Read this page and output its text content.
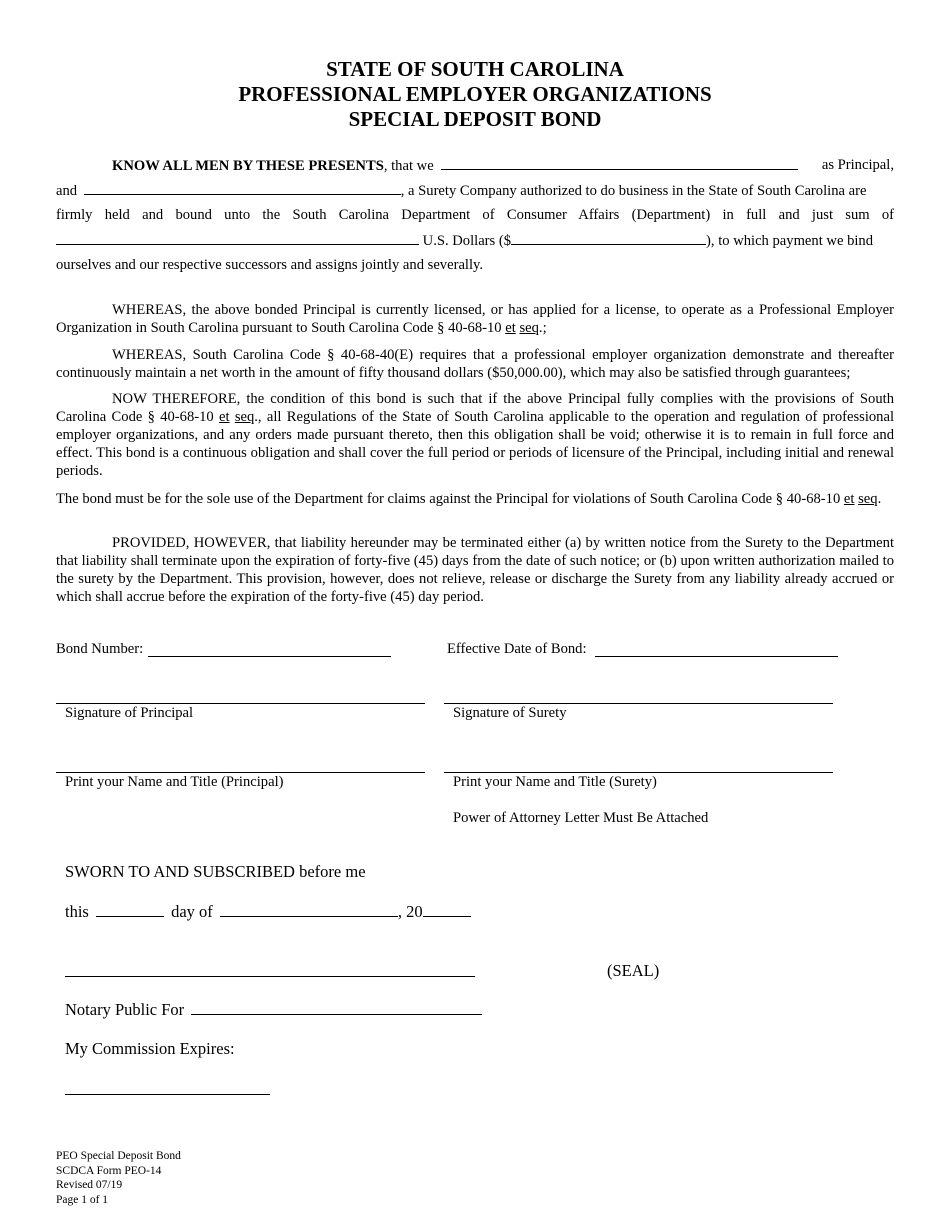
STATE OF SOUTH CAROLINA
PROFESSIONAL EMPLOYER ORGANIZATIONS
SPECIAL DEPOSIT BOND
KNOW ALL MEN BY THESE PRESENTS, that we	as Principal,
and	, a Surety Company authorized to do business in the State of South Carolina are
firmly held and bound unto the South Carolina Department of Consumer Affairs (Department) in full and just sum of
U.S. Dollars ($	), to which payment we bind
ourselves and our respective successors and assigns jointly and severally.
WHEREAS, the above bonded Principal is currently licensed, or has applied for a license, to operate as a Professional Employer Organization in South Carolina pursuant to South Carolina Code § 40-68-10 et seq.;
WHEREAS, South Carolina Code § 40-68-40(E) requires that a professional employer organization demonstrate and thereafter continuously maintain a net worth in the amount of fifty thousand dollars ($50,000.00), which may also be satisfied through guarantees;
NOW THEREFORE, the condition of this bond is such that if the above Principal fully complies with the provisions of South Carolina Code § 40-68-10 et seq., all Regulations of the State of South Carolina applicable to the operation and regulation of professional employer organizations, and any orders made pursuant thereto, then this obligation shall be void; otherwise it is to remain in full force and effect. This bond is a continuous obligation and shall cover the full period or periods of licensure of the Principal, including initial and renewal periods.
The bond must be for the sole use of the Department for claims against the Principal for violations of South Carolina Code § 40-68-10 et seq.
PROVIDED, HOWEVER, that liability hereunder may be terminated either (a) by written notice from the Surety to the Department that liability shall terminate upon the expiration of forty-five (45) days from the date of such notice; or (b) upon written authorization mailed to the surety by the Department. This provision, however, does not relieve, release or discharge the Surety from any liability already accrued or which shall accrue before the expiration of the forty-five (45) day period.
Bond Number:	Effective Date of Bond:
Signature of Principal	Signature of Surety
Print your Name and Title (Principal)	Print your Name and Title (Surety)
Power of Attorney Letter Must Be Attached
SWORN TO AND SUBSCRIBED before me
this	day of	, 20
(SEAL)
Notary Public For
My Commission Expires:
PEO Special Deposit Bond
SCDCA Form PEO-14
Revised 07/19
Page 1 of 1
